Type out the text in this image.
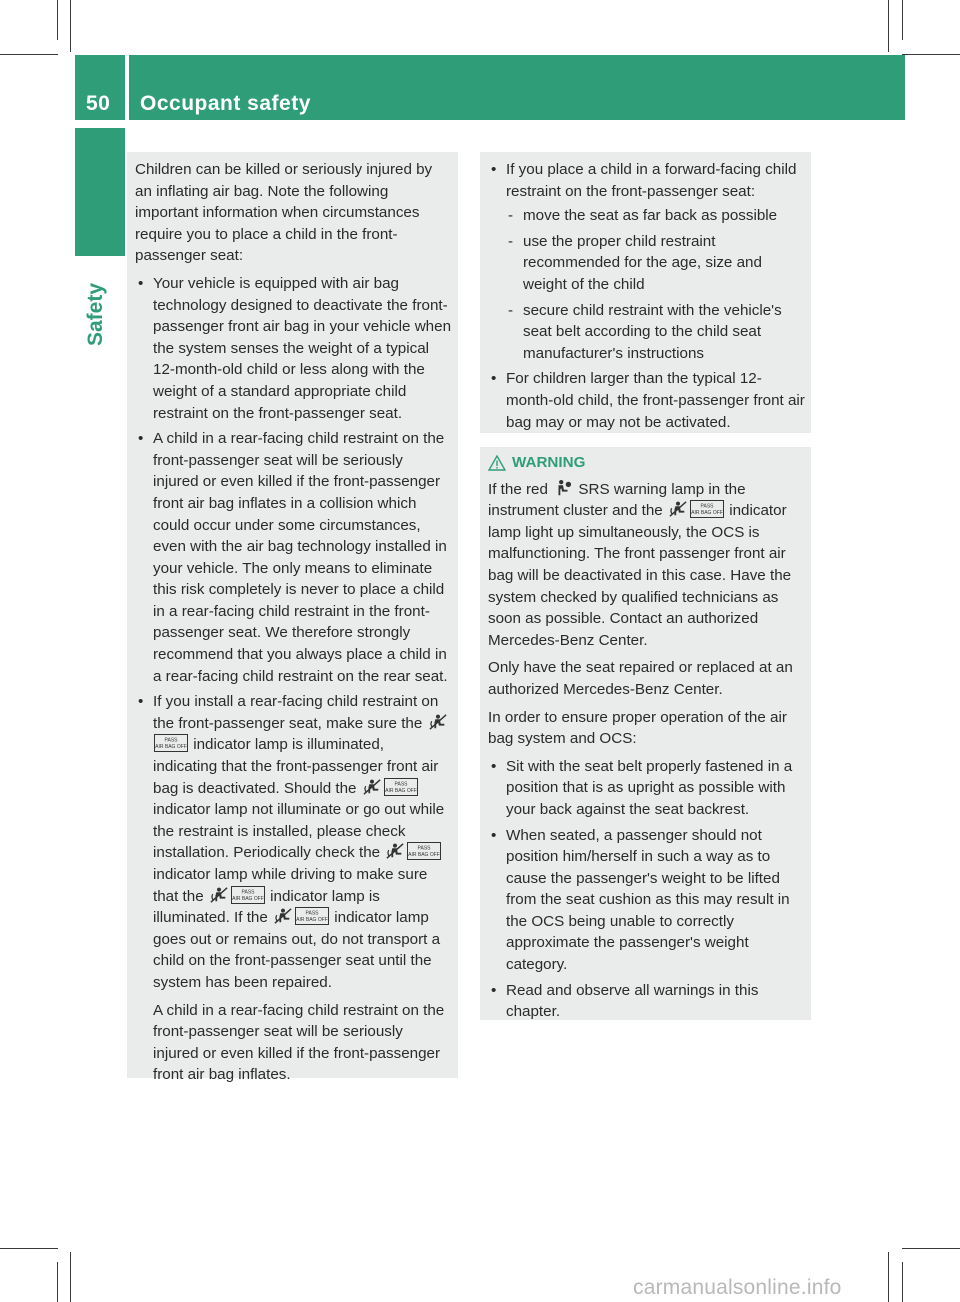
50 Occupant safety
Safety

Children can be killed or seriously injured by an inflating air bag. Note the following important information when circumstances require you to place a child in the front-passenger seat:

• Your vehicle is equipped with air bag technology designed to deactivate the front-passenger front air bag in your vehicle when the system senses the weight of a typical 12-month-old child or less along with the weight of a standard appropriate child restraint on the front-passenger seat.
• A child in a rear-facing child restraint on the front-passenger seat will be seriously injured or even killed if the front-passenger front air bag inflates in a collision which could occur under some circumstances, even with the air bag technology installed in your vehicle. The only means to eliminate this risk completely is never to place a child in a rear-facing child restraint in the front-passenger seat. We therefore strongly recommend that you always place a child in a rear-facing child restraint on the rear seat.
• If you install a rear-facing child restraint on the front-passenger seat, make sure the
PASS
AIR BAG OFF indicator lamp is illuminated, indicating that the front-passenger front air bag is deactivated. Should the	PASS
AIR BAG OFF
indicator lamp not illuminate or go out while the restraint is installed, please check installation. Periodically check the	PASS
AIR BAG OFF
indicator lamp while driving to make sure that the	PASS
AIR BAG OFF indicator lamp is illuminated. If the	PASS
AIR BAG OFF indicator lamp goes out or remains out, do not transport a child on the front-passenger seat until the system has been repaired.

A child in a rear-facing child restraint on the front-passenger seat will be seriously injured or even killed if the front-passenger front air bag inflates.

• If you place a child in a forward-facing child restraint on the front-passenger seat:
- move the seat as far back as possible
- use the proper child restraint recommended for the age, size and weight of the child
- secure child restraint with the vehicle's seat belt according to the child seat manufacturer's instructions
• For children larger than the typical 12-month-old child, the front-passenger front air bag may or may not be activated.
WARNING

If the red SRS warning lamp in the instrument cluster and the	PASS
AIR BAG OFF indicator lamp light up simultaneously, the OCS is malfunctioning. The front passenger front air bag will be deactivated in this case. Have the system checked by qualified technicians as soon as possible. Contact an authorized Mercedes-Benz Center.

Only have the seat repaired or replaced at an authorized Mercedes-Benz Center.

In order to ensure proper operation of the air bag system and OCS:

• Sit with the seat belt properly fastened in a position that is as upright as possible with your back against the seat backrest.
• When seated, a passenger should not position him/herself in such a way as to cause the passenger's weight to be lifted from the seat cushion as this may result in the OCS being unable to correctly approximate the passenger's weight category.
• Read and observe all warnings in this chapter.
carmanualsonline.info
